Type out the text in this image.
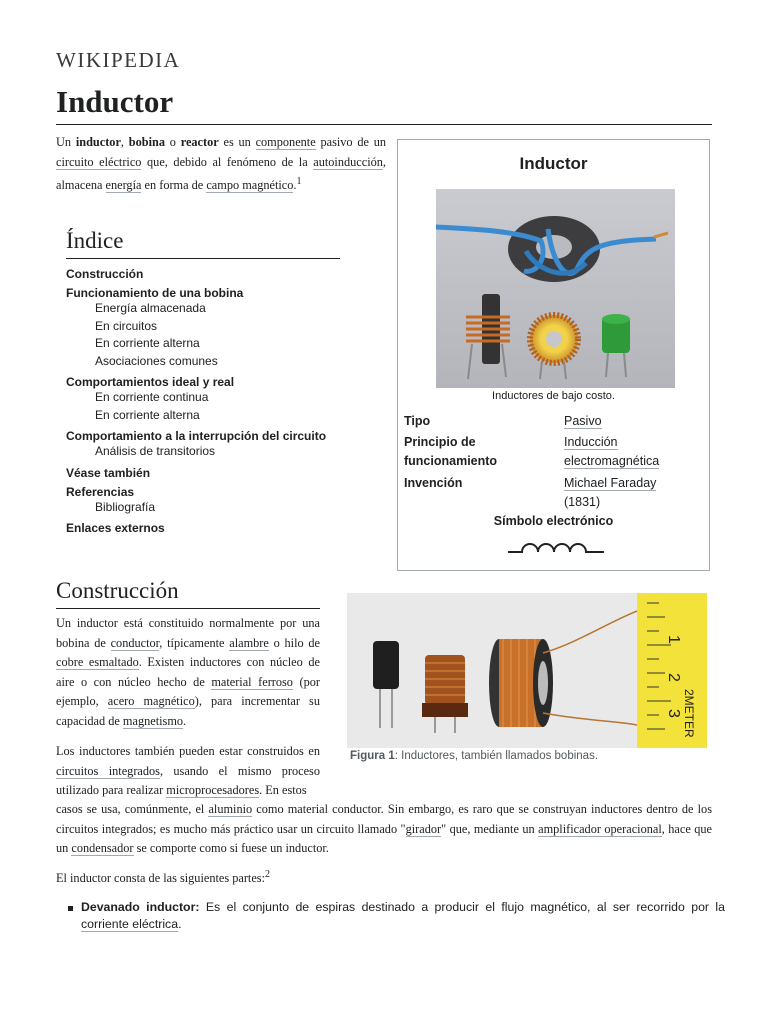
WIKIPEDIA
Inductor

Un inductor, bobina o reactor es un componente pasivo de un circuito eléctrico que, debido al fenómeno de la autoinducción, almacena energía en forma de campo magnético.$^1$

Índice
Construcción
Funcionamiento de una bobina
Energía almacenada
En circuitos
En corriente alterna
Asociaciones comunes
Comportamientos ideal y real
En corriente continua
En corriente alterna
Comportamiento a la interrupción del circuito
Análisis de transitorios
Véase también
Referencias
Bibliografía
Enlaces externos
Inductor
Inductores de bajo costo.
Tipo	Pasivo
Principio de funcionamiento
Inducción electromagnética
Invención	Michael Faraday
(1831)
Símbolo electrónico
Construcción
1
2
2METER
3
Figura 1: Inductores, también llamados bobinas.

Un inductor está constituido normalmente por una bobina de conductor, típicamente alambre o hilo de cobre esmaltado. Existen inductores con núcleo de aire o con núcleo hecho de material ferroso (por ejemplo, acero magnético), para incrementar su capacidad de magnetismo.

Los inductores también pueden estar construidos en circuitos integrados, usando el mismo proceso utilizado para realizar microprocesadores. En estos

casos se usa, comúnmente, el aluminio como material conductor. Sin embargo, es raro que se construyan inductores dentro de los circuitos integrados; es mucho más práctico usar un circuito llamado "girador" que, mediante un amplificador operacional, hace que un condensador se comporte como si fuese un inductor.

El inductor consta de las siguientes partes:$^2$

Devanado inductor: Es el conjunto de espiras destinado a producir el flujo magnético, al ser recorrido por la corriente eléctrica.
